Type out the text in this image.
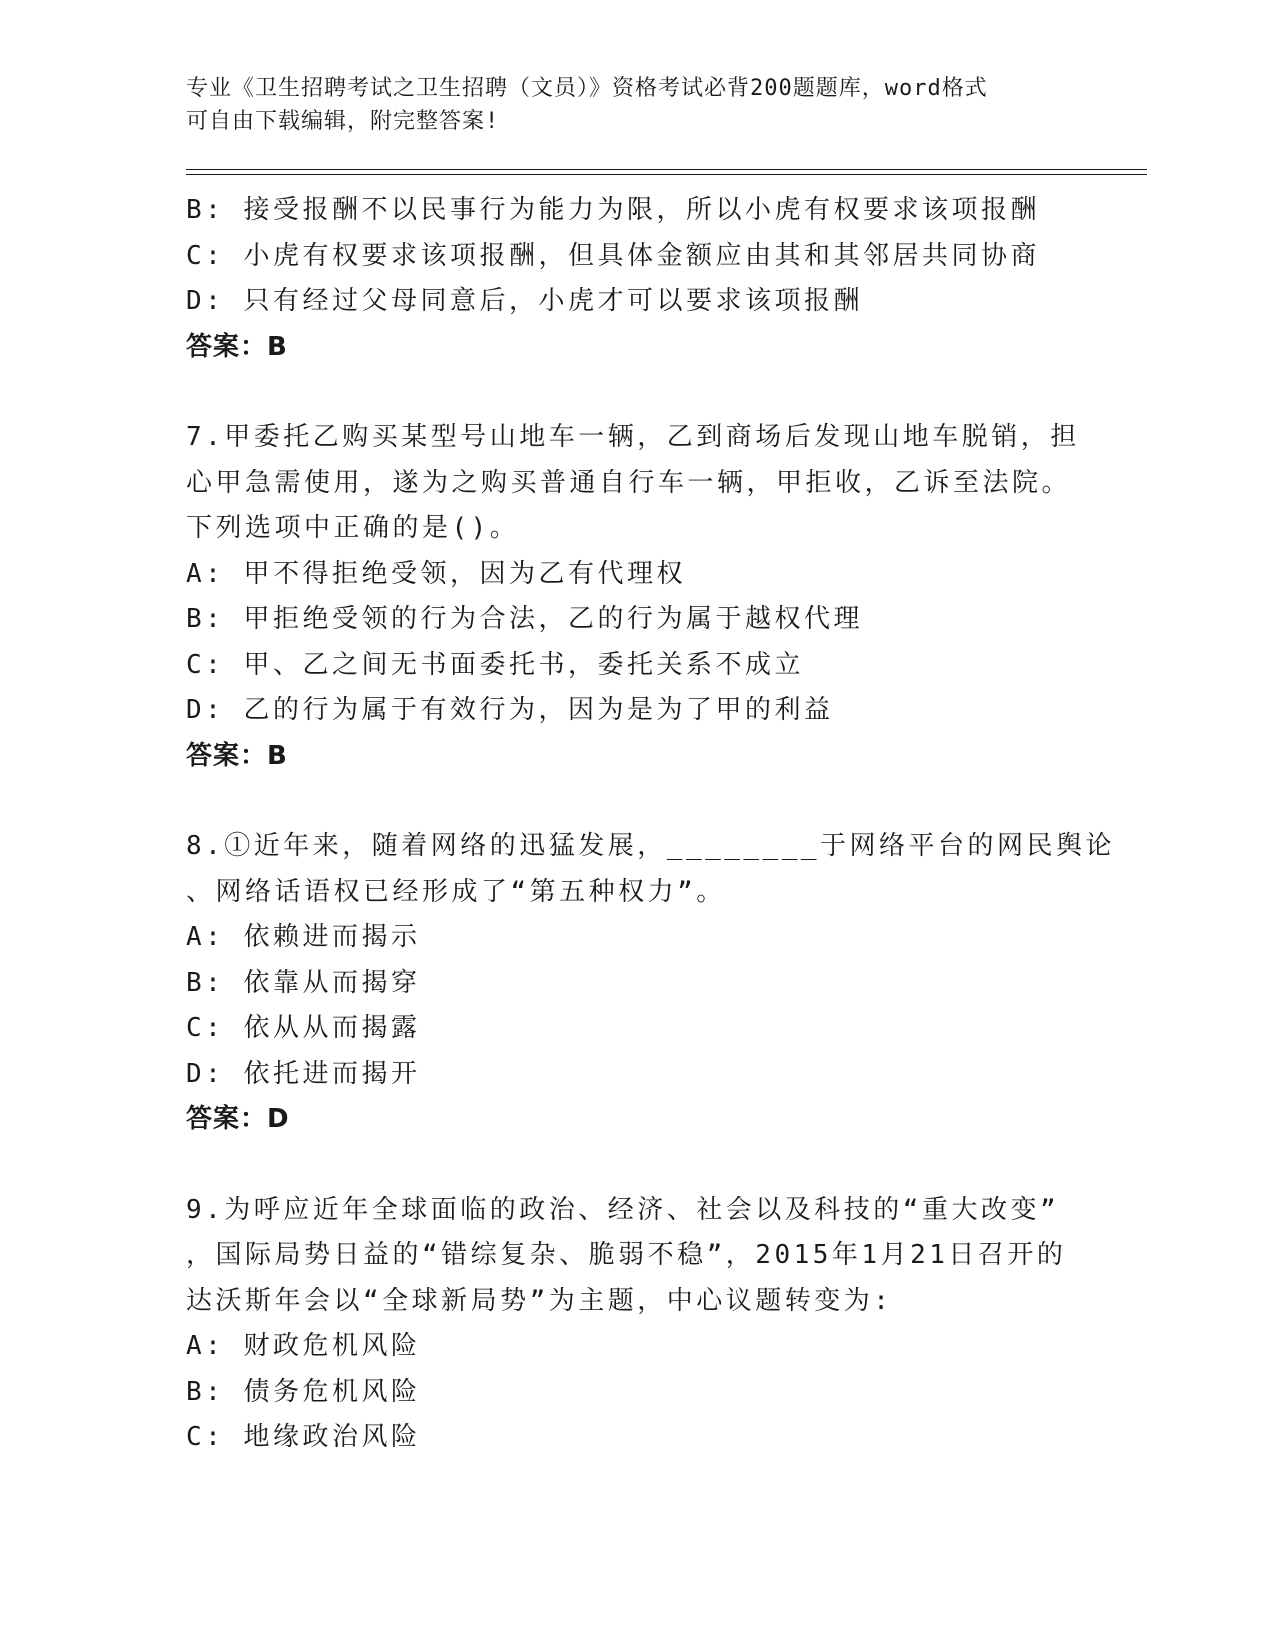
专业《卫生招聘考试之卫生招聘（文员）》资格考试必背200题题库，word格式
可自由下载编辑，附完整答案!
B: 接受报酬不以民事行为能力为限，所以小虎有权要求该项报酬
C: 小虎有权要求该项报酬，但具体金额应由其和其邻居共同协商
D: 只有经过父母同意后，小虎才可以要求该项报酬
答案：B
7.甲委托乙购买某型号山地车一辆，乙到商场后发现山地车脱销，担
心甲急需使用，遂为之购买普通自行车一辆，甲拒收，乙诉至法院。
下列选项中正确的是()。
A: 甲不得拒绝受领，因为乙有代理权
B: 甲拒绝受领的行为合法，乙的行为属于越权代理
C: 甲、乙之间无书面委托书，委托关系不成立
D: 乙的行为属于有效行为，因为是为了甲的利益
答案：B
8.①近年来，随着网络的迅猛发展，________于网络平台的网民舆论
、网络话语权已经形成了“第五种权力”。
A: 依赖进而揭示
B: 依靠从而揭穿
C: 依从从而揭露
D: 依托进而揭开
答案：D
9.为呼应近年全球面临的政治、经济、社会以及科技的“重大改变”
，国际局势日益的“错综复杂、脆弱不稳”，2015年1月21日召开的
达沃斯年会以“全球新局势”为主题，中心议题转变为:
A: 财政危机风险
B: 债务危机风险
C: 地缘政治风险
